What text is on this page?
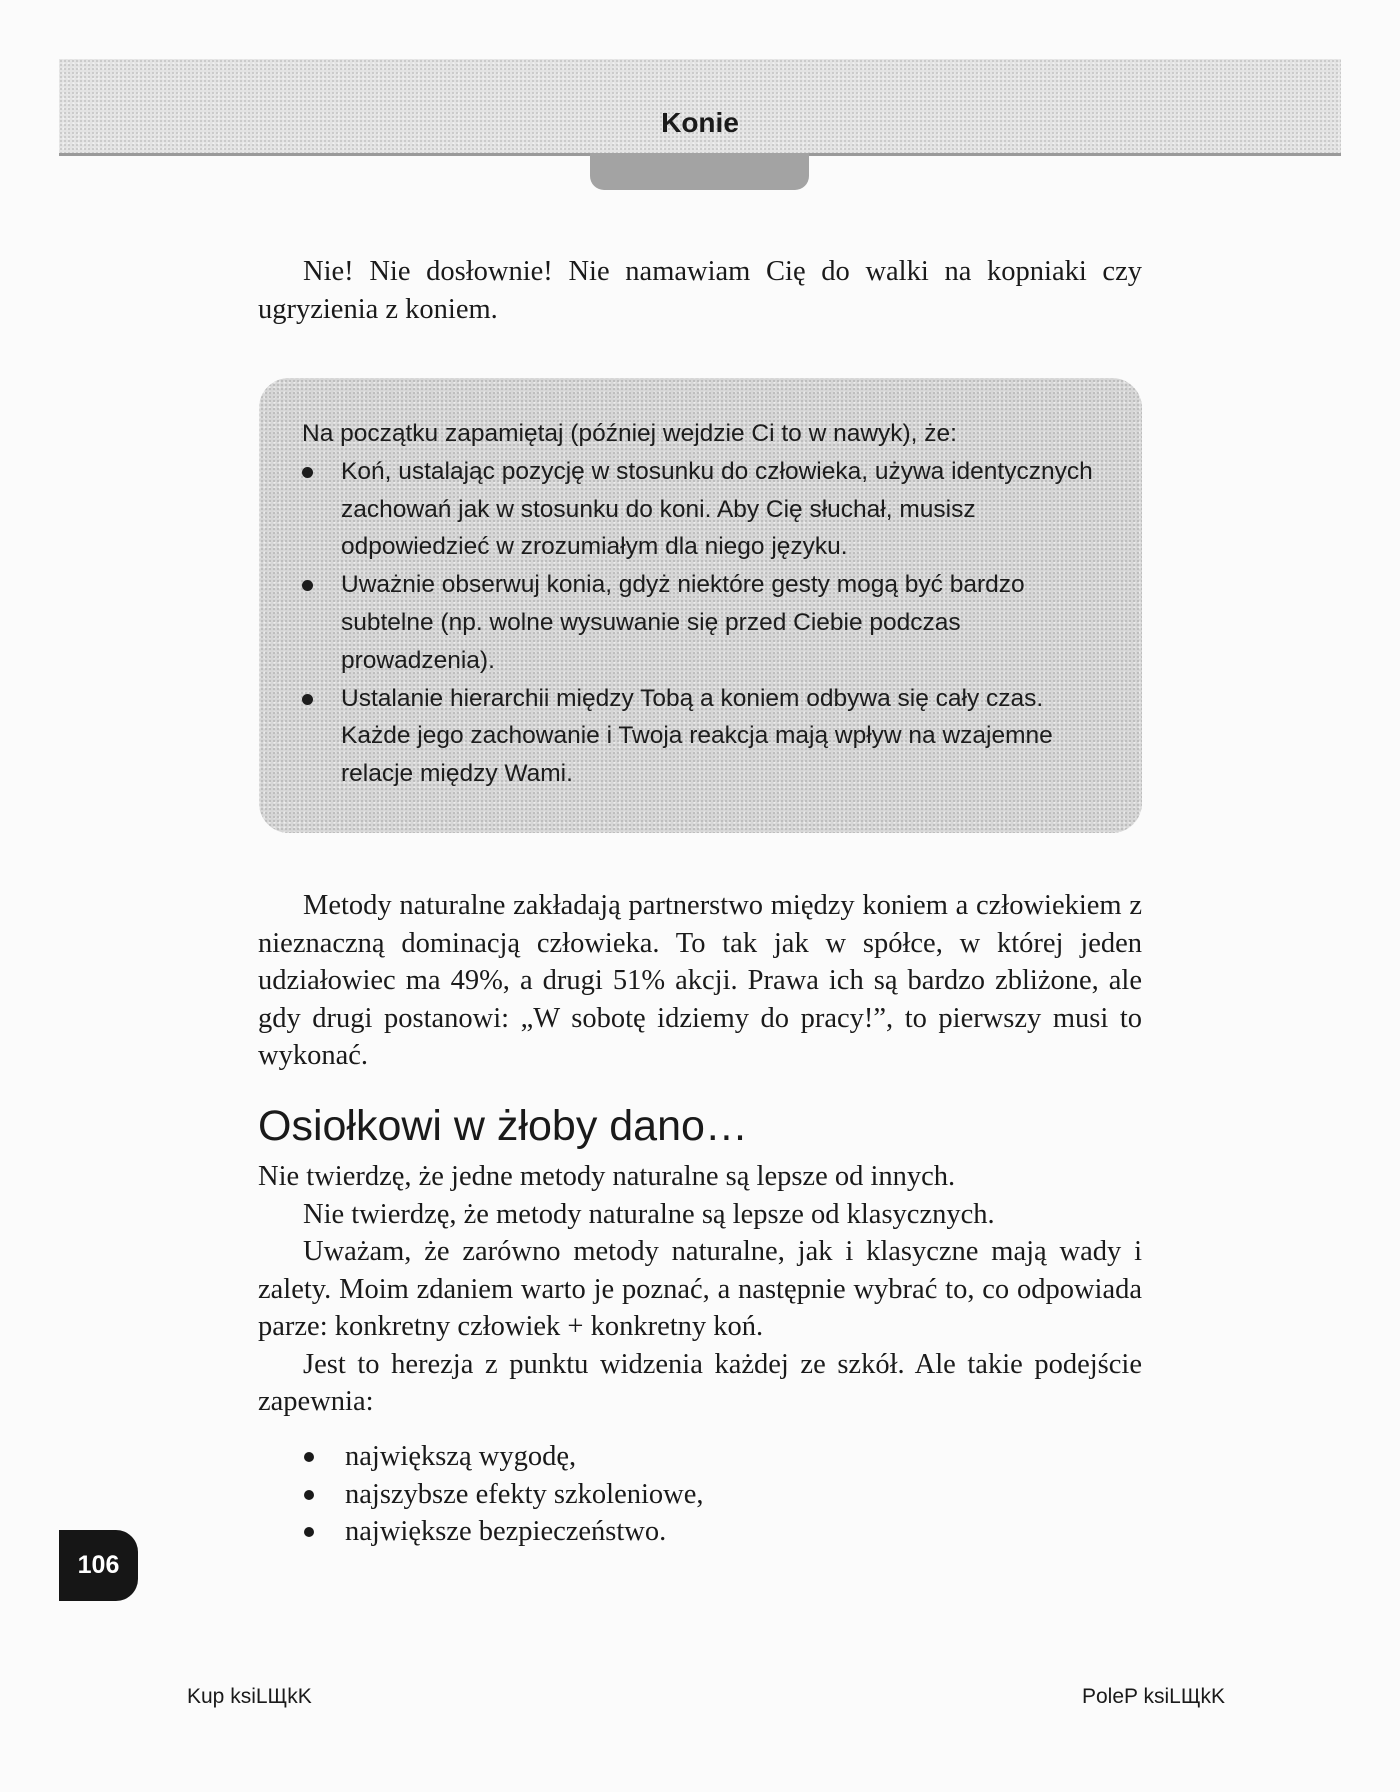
Konie

Nie! Nie dosłownie! Nie namawiam Cię do walki na kopniaki czy ugryzienia z koniem.

Na początku zapamiętaj (później wejdzie Ci to w nawyk), że:

Koń, ustalając pozycję w stosunku do człowieka, używa identycznych zachowań jak w stosunku do koni. Aby Cię słuchał, musisz odpowiedzieć w zrozumiałym dla niego języku.
Uważnie obserwuj konia, gdyż niektóre gesty mogą być bardzo subtelne (np. wolne wysuwanie się przed Ciebie podczas prowadzenia).
Ustalanie hierarchii między Tobą a koniem odbywa się cały czas. Każde jego zachowanie i Twoja reakcja mają wpływ na wzajemne relacje między Wami.

Metody naturalne zakładają partnerstwo między koniem a człowiekiem z nieznaczną dominacją człowieka. To tak jak w spółce, w której jeden udziałowiec ma 49%, a drugi 51% akcji. Prawa ich są bardzo zbliżone, ale gdy drugi postanowi: „W sobotę idziemy do pracy!”, to pierwszy musi to wykonać.

Osiołkowi w żłoby dano…

Nie twierdzę, że jedne metody naturalne są lepsze od innych.

Nie twierdzę, że metody naturalne są lepsze od klasycznych.

Uważam, że zarówno metody naturalne, jak i klasyczne mają wady i zalety. Moim zdaniem warto je poznać, a następnie wybrać to, co odpowiada parze: konkretny człowiek + konkretny koń.

Jest to herezja z punktu widzenia każdej ze szkół. Ale takie podejście zapewnia:

największą wygodę,
najszybsze efekty szkoleniowe,
największe bezpieczeństwo.
106
Kup ksiLЩkK	PoleP ksiLЩkK
